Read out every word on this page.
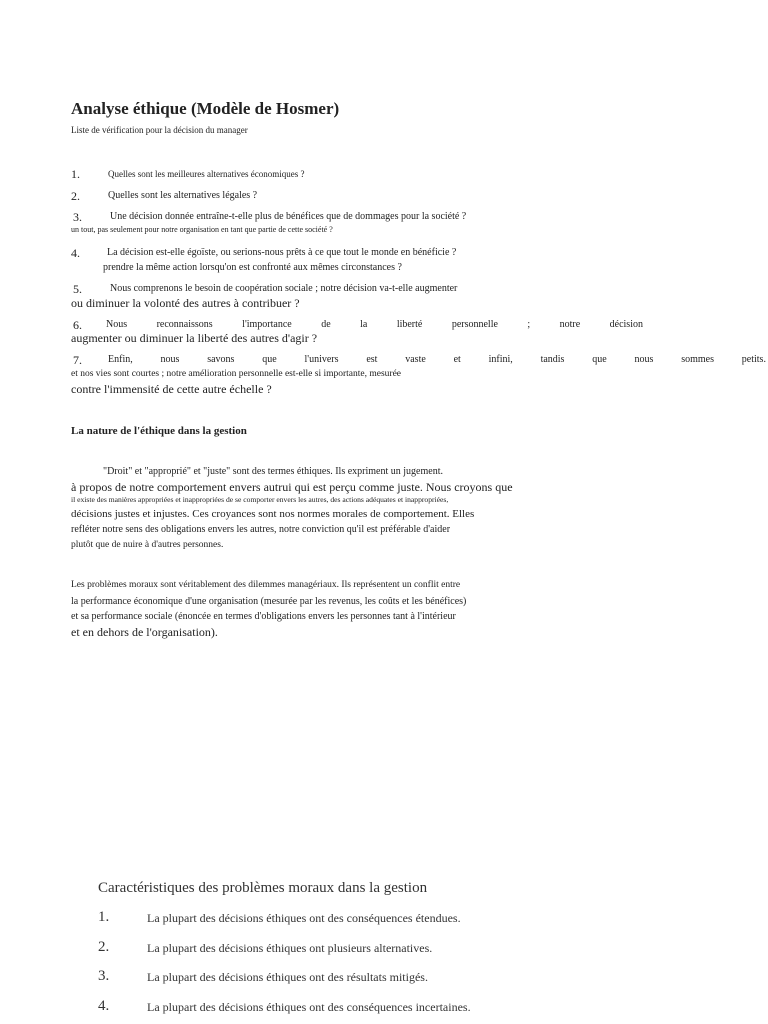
Analyse éthique (Modèle de Hosmer)
Liste de vérification pour la décision du manager
1.	Quelles sont les meilleures alternatives économiques ?
2.	Quelles sont les alternatives légales ?
3.	Une décision donnée entraîne-t-elle plus de bénéfices que de dommages pour la société ?
un tout, pas seulement pour notre organisation en tant que partie de cette société ?
4.	La décision est-elle égoïste, ou serions-nous prêts à ce que tout le monde en bénéficie ?
prendre la même action lorsqu'on est confronté aux mêmes circonstances ?
5.	Nous comprenons le besoin de coopération sociale ; notre décision va-t-elle augmenter
ou diminuer la volonté des autres à contribuer ?
6. Nous	reconnaissons	l'importance	de	la	liberté	personnelle	;	notre	décision
augmenter ou diminuer la liberté des autres d'agir ?
7.	Enfin,	nous	savons	que	l'univers	est	vaste	et	infini,	tandis	que	nous	sommes	petits.
et nos vies sont courtes ; notre amélioration personnelle est-elle si importante, mesurée
contre l'immensité de cette autre échelle ?
La nature de l'éthique dans la gestion
"Droit" et "approprié" et "juste" sont des termes éthiques. Ils expriment un jugement.
à propos de notre comportement envers autrui qui est perçu comme juste. Nous croyons que
il existe des manières appropriées et inappropriées de se comporter envers les autres, des actions adéquates et inappropriées,
décisions justes et injustes. Ces croyances sont nos normes morales de comportement. Elles
refléter notre sens des obligations envers les autres, notre conviction qu'il est préférable d'aider
plutôt que de nuire à d'autres personnes.
Les problèmes moraux sont véritablement des dilemmes managériaux. Ils représentent un conflit entre
la performance économique d'une organisation (mesurée par les revenus, les coûts et les bénéfices)
et sa performance sociale (énoncée en termes d'obligations envers les personnes tant à l'intérieur
et en dehors de l'organisation).
Caractéristiques des problèmes moraux dans la gestion
1.	La plupart des décisions éthiques ont des conséquences étendues.
2.	La plupart des décisions éthiques ont plusieurs alternatives.
3.	La plupart des décisions éthiques ont des résultats mitigés.
4.	La plupart des décisions éthiques ont des conséquences incertaines.
